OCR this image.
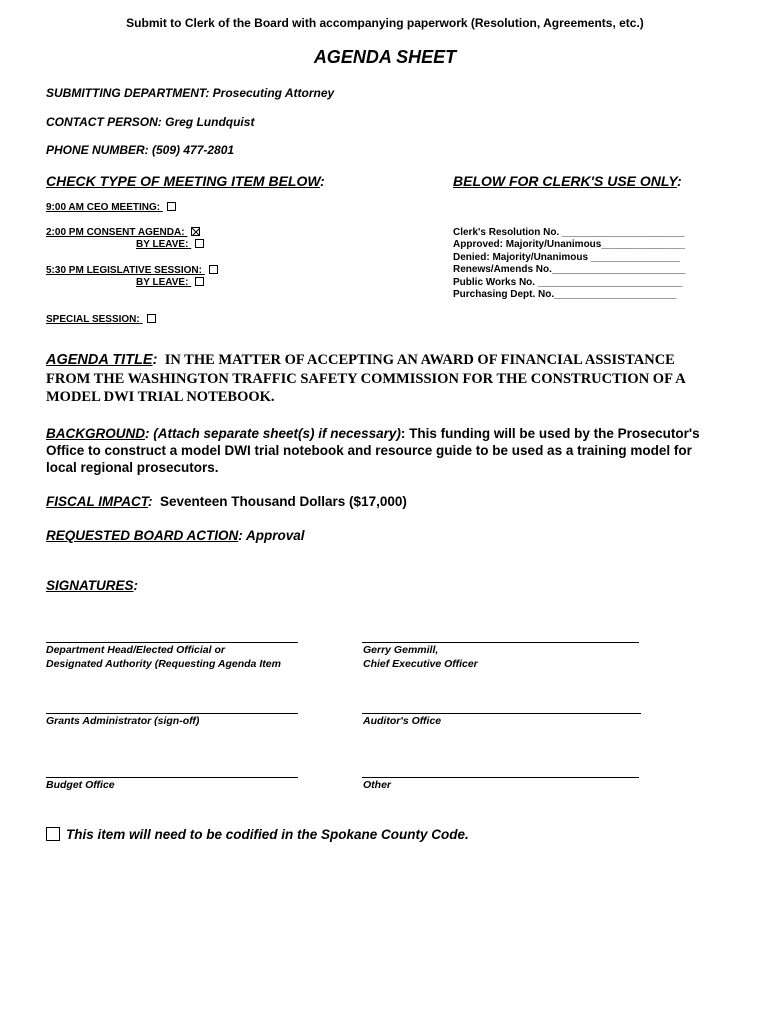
Submit to Clerk of the Board with accompanying paperwork (Resolution, Agreements, etc.)
AGENDA SHEET
SUBMITTING DEPARTMENT: Prosecuting Attorney
CONTACT PERSON: Greg Lundquist
PHONE NUMBER: (509) 477-2801
CHECK TYPE OF MEETING ITEM BELOW:	BELOW FOR CLERK'S USE ONLY:
9:00 AM CEO MEETING:
2:00 PM CONSENT AGENDA:
BY LEAVE:
5:30 PM LEGISLATIVE SESSION:
BY LEAVE:
SPECIAL SESSION:
Clerk's Resolution No. ______________________
Approved: Majority/Unanimous_______________
Denied: Majority/Unanimous ________________
Renews/Amends No.________________________
Public Works No. __________________________
Purchasing Dept. No.______________________
AGENDA TITLE: IN THE MATTER OF ACCEPTING AN AWARD OF FINANCIAL ASSISTANCE
FROM THE WASHINGTON TRAFFIC SAFETY COMMISSION FOR THE CONSTRUCTION OF A
MODEL DWI TRIAL NOTEBOOK.
BACKGROUND: (Attach separate sheet(s) if necessary): This funding will be used by the Prosecutor's
Office to construct a model DWI trial notebook and resource guide to be used as a training model for
local regional prosecutors.
FISCAL IMPACT: Seventeen Thousand Dollars ($17,000)
REQUESTED BOARD ACTION: Approval
SIGNATURES:
Department Head/Elected Official or
Designated Authority (Requesting Agenda Item
Gerry Gemmill,
Chief Executive Officer
Grants Administrator (sign-off)	Auditor's Office
Budget Office	Other
This item will need to be codified in the Spokane County Code.
